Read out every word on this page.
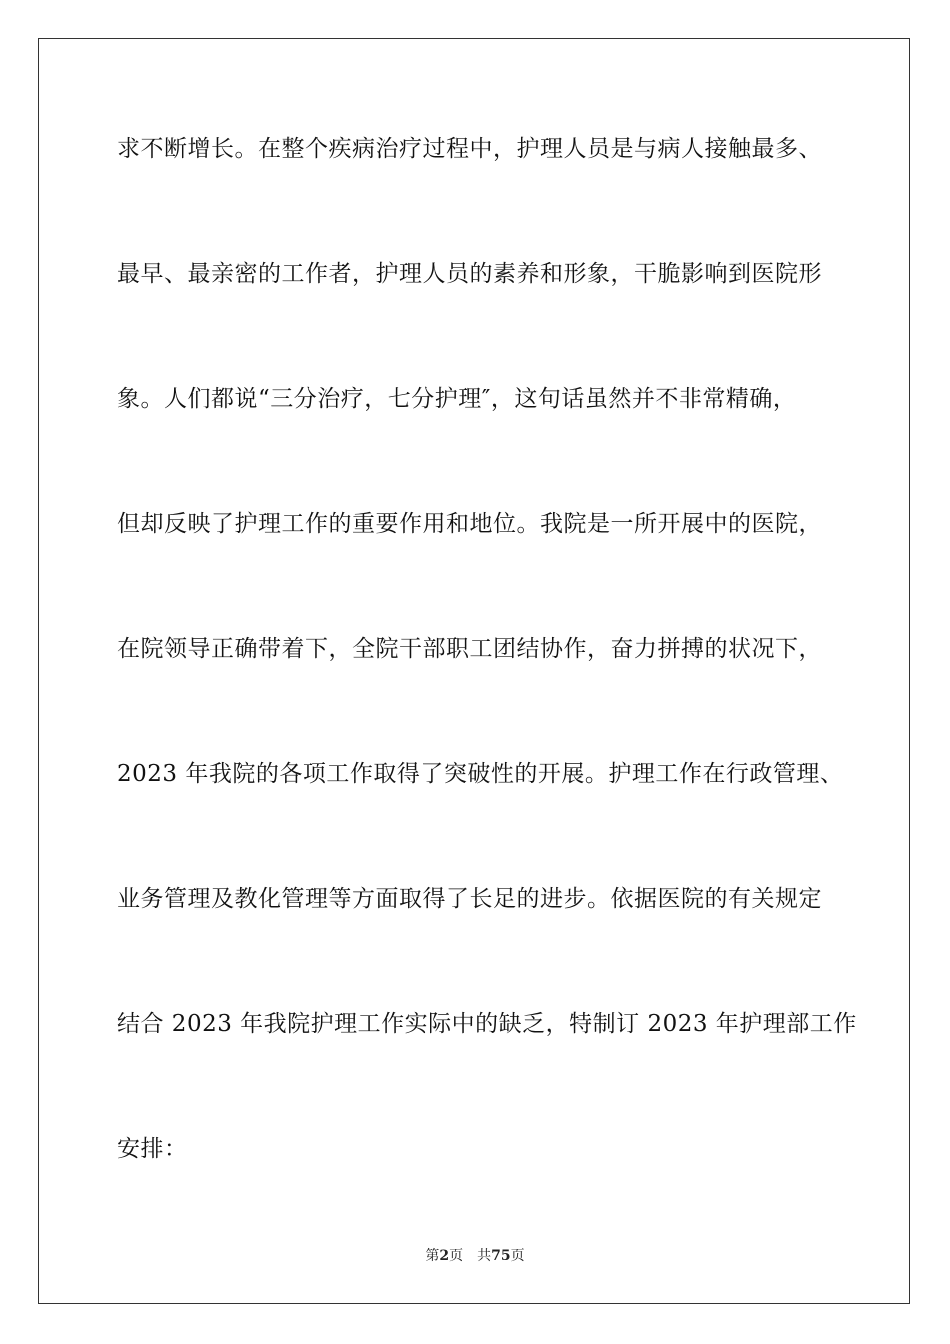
求不断增长。在整个疾病治疗过程中，护理人员是与病人接触最多、
最早、最亲密的工作者，护理人员的素养和形象，干脆影响到医院形
象。人们都说“三分治疗，七分护理″，这句话虽然并不非常精确，
但却反映了护理工作的重要作用和地位。我院是一所开展中的医院，
在院领导正确带着下，全院干部职工团结协作，奋力拼搏的状况下，
2023 年我院的各项工作取得了突破性的开展。护理工作在行政管理、
业务管理及教化管理等方面取得了长足的进步。依据医院的有关规定
结合 2023 年我院护理工作实际中的缺乏，特制订 2023 年护理部工作
安排：
第2页 共75页
